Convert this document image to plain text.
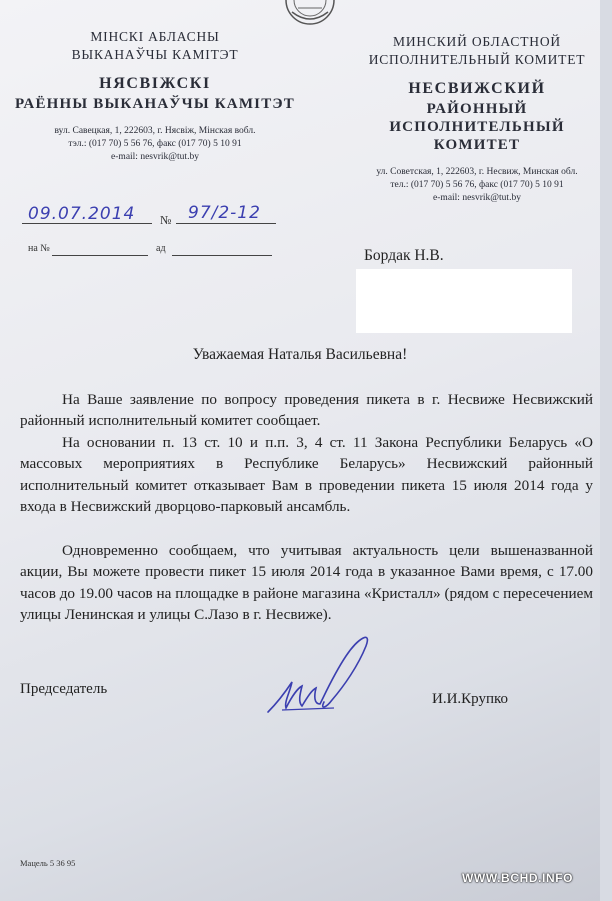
МІНСКІ АБЛАСНЫ
ВЫКАНАЎЧЫ КАМІТЭТ
НЯСВІЖСКІ
РАЁННЫ ВЫКАНАЎЧЫ КАМІТЭТ
вул. Савецкая, 1, 222603, г. Нясвіж, Мінская вобл.
тэл.: (017 70) 5 56 76, факс (017 70) 5 10 91
e-mail: nesvrik@tut.by
МИНСКИЙ ОБЛАСТНОЙ
ИСПОЛНИТЕЛЬНЫЙ КОМИТЕТ
НЕСВИЖСКИЙ
РАЙОННЫЙ ИСПОЛНИТЕЛЬНЫЙ
КОМИТЕТ
ул. Советская, 1, 222603, г. Несвиж, Минская обл.
тел.: (017 70) 5 56 76, факс (017 70) 5 10 91
e-mail: nesvrik@tut.by
09.07.2014 № 97/2-12
на №	ад	Бордак Н.В.
Уважаемая Наталья Васильевна!

На Ваше заявление по вопросу проведения пикета в г. Несвиже Несвижский районный исполнительный комитет сообщает.

На основании п. 13 ст. 10 и п.п. 3, 4 ст. 11 Закона Республики Беларусь «О массовых мероприятиях в Республике Беларусь» Несвижский районный исполнительный комитет отказывает Вам в проведении пикета 15 июля 2014 года у входа в Несвижский дворцово-парковый ансамбль.

Одновременно сообщаем, что учитывая актуальность цели вышеназванной акции, Вы можете провести пикет 15 июля 2014 года в указанное Вами время, с 17.00 часов до 19.00 часов на площадке в районе магазина «Кристалл» (рядом с пересечением улицы Ленинская и улицы С.Лазо в г. Несвиже).

Председатель
И.И.Крупко
Мацель 5 36 95
WWW.BCHD.INFO
